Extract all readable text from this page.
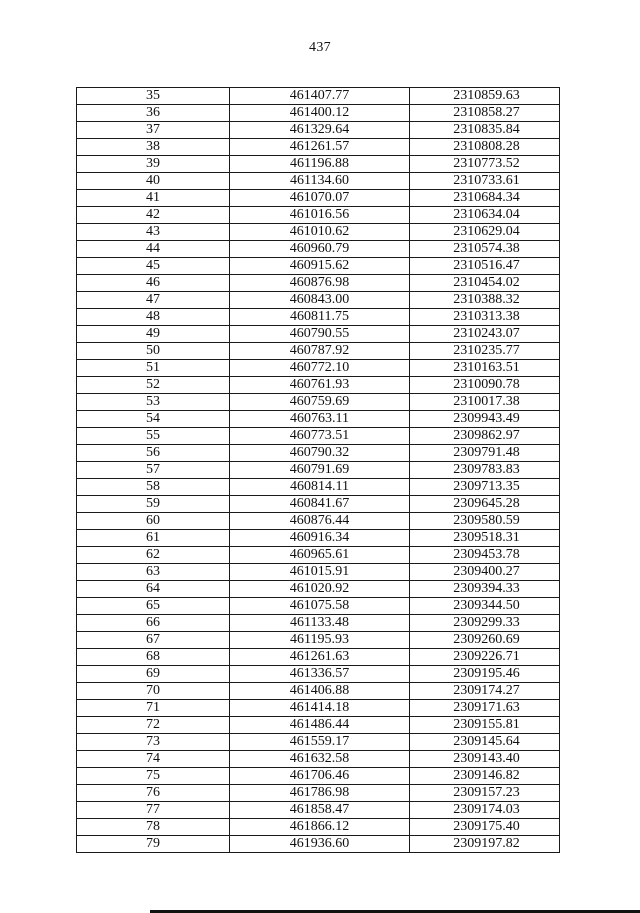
437
35	461407.77	2310859.63
36	461400.12	2310858.27
37	461329.64	2310835.84
38	461261.57	2310808.28
39	461196.88	2310773.52
40	461134.60	2310733.61
41	461070.07	2310684.34
42	461016.56	2310634.04
43	461010.62	2310629.04
44	460960.79	2310574.38
45	460915.62	2310516.47
46	460876.98	2310454.02
47	460843.00	2310388.32
48	460811.75	2310313.38
49	460790.55	2310243.07
50	460787.92	2310235.77
51	460772.10	2310163.51
52	460761.93	2310090.78
53	460759.69	2310017.38
54	460763.11	2309943.49
55	460773.51	2309862.97
56	460790.32	2309791.48
57	460791.69	2309783.83
58	460814.11	2309713.35
59	460841.67	2309645.28
60	460876.44	2309580.59
61	460916.34	2309518.31
62	460965.61	2309453.78
63	461015.91	2309400.27
64	461020.92	2309394.33
65	461075.58	2309344.50
66	461133.48	2309299.33
67	461195.93	2309260.69
68	461261.63	2309226.71
69	461336.57	2309195.46
70	461406.88	2309174.27
71	461414.18	2309171.63
72	461486.44	2309155.81
73	461559.17	2309145.64
74	461632.58	2309143.40
75	461706.46	2309146.82
76	461786.98	2309157.23
77	461858.47	2309174.03
78	461866.12	2309175.40
79	461936.60	2309197.82
